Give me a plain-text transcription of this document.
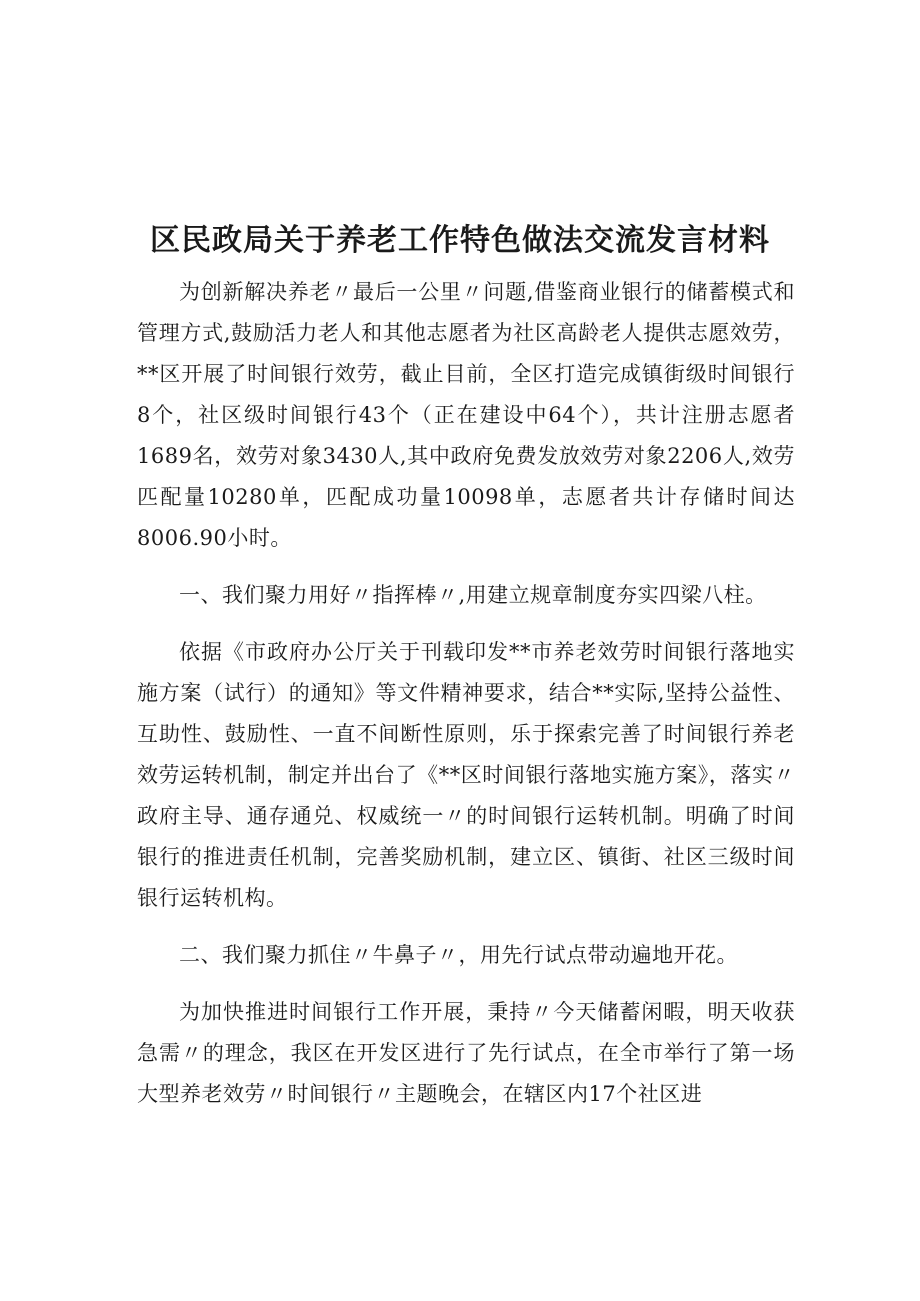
区民政局关于养老工作特色做法交流发言材料

为创新解决养老〃最后一公里〃问题,借鉴商业银行的储蓄模式和管理方式,鼓励活力老人和其他志愿者为社区高龄老人提供志愿效劳，**区开展了时间银行效劳，截止目前，全区打造完成镇街级时间银行8个，社区级时间银行43个（正在建设中64个），共计注册志愿者1689名，效劳对象3430人,其中政府免费发放效劳对象2206人,效劳匹配量10280单，匹配成功量10098单，志愿者共计存储时间达8006.90小时。

一、我们聚力用好〃指挥棒〃,用建立规章制度夯实四梁八柱。

依据《市政府办公厅关于刊载印发**市养老效劳时间银行落地实施方案（试行）的通知》等文件精神要求，结合**实际,坚持公益性、互助性、鼓励性、一直不间断性原则，乐于探索完善了时间银行养老效劳运转机制，制定并出台了《**区时间银行落地实施方案》，落实〃政府主导、通存通兑、权威统一〃的时间银行运转机制。明确了时间银行的推进责任机制，完善奖励机制，建立区、镇街、社区三级时间银行运转机构。

二、我们聚力抓住〃牛鼻子〃，用先行试点带动遍地开花。

为加快推进时间银行工作开展，秉持〃今天储蓄闲暇，明天收获急需〃的理念，我区在开发区进行了先行试点，在全市举行了第一场大型养老效劳〃时间银行〃主题晚会，在辖区内17个社区进
